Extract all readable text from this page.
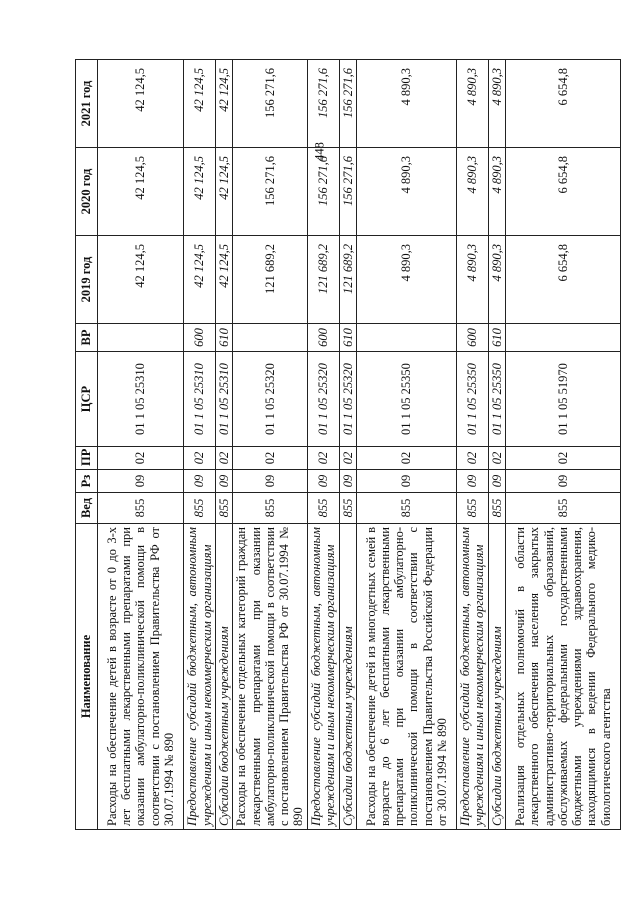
448
Наименование	Вед	Рз	ПР	ЦСР	ВР	2019 год	2020 год	2021 год
Расходы на обеспечение детей в возрасте от 0 до 3-х лет бесплатными лекарственными препаратами при оказании амбулаторно-поликлинической помощи в соответствии с постановлением Правительства РФ от 30.07.1994 № 890	855	09	02	01 1 05 25310		42 124,5	42 124,5	42 124,5
Предоставление субсидий бюджетным, автономным учреждениям и иным некоммерческим организациям	855	09	02	01 1 05 25310	600	42 124,5	42 124,5	42 124,5
Субсидии бюджетным учреждениям	855	09	02	01 1 05 25310	610	42 124,5	42 124,5	42 124,5
Расходы на обеспечение отдельных категорий граждан лекарственными препаратами при оказании амбулаторно-поликлинической помощи в соответствии с постановлением Правительства РФ от 30.07.1994 № 890	855	09	02	01 1 05 25320		121 689,2	156 271,6	156 271,6
Предоставление субсидий бюджетным, автономным учреждениям и иным некоммерческим организациям	855	09	02	01 1 05 25320	600	121 689,2	156 271,6	156 271,6
Субсидии бюджетным учреждениям	855	09	02	01 1 05 25320	610	121 689,2	156 271,6	156 271,6
Расходы на обеспечение детей из многодетных семей в возрасте до 6 лет бесплатными лекарственными препаратами при оказании амбулаторно-поликлинической помощи в соответствии с постановлением Правительства Российской Федерации от 30.07.1994 № 890	855	09	02	01 1 05 25350		4 890,3	4 890,3	4 890,3
Предоставление субсидий бюджетным, автономным учреждениям и иным некоммерческим организациям	855	09	02	01 1 05 25350	600	4 890,3	4 890,3	4 890,3
Субсидии бюджетным учреждениям	855	09	02	01 1 05 25350	610	4 890,3	4 890,3	4 890,3
Реализация отдельных полномочий в области лекарственного обеспечения населения закрытых административно-территориальных образований, обслуживаемых федеральными государственными бюджетными учреждениями здравоохранения, находящимися в ведении Федерального медико-биологического агентства	855	09	02	01 1 05 51970		6 654,8	6 654,8	6 654,8
